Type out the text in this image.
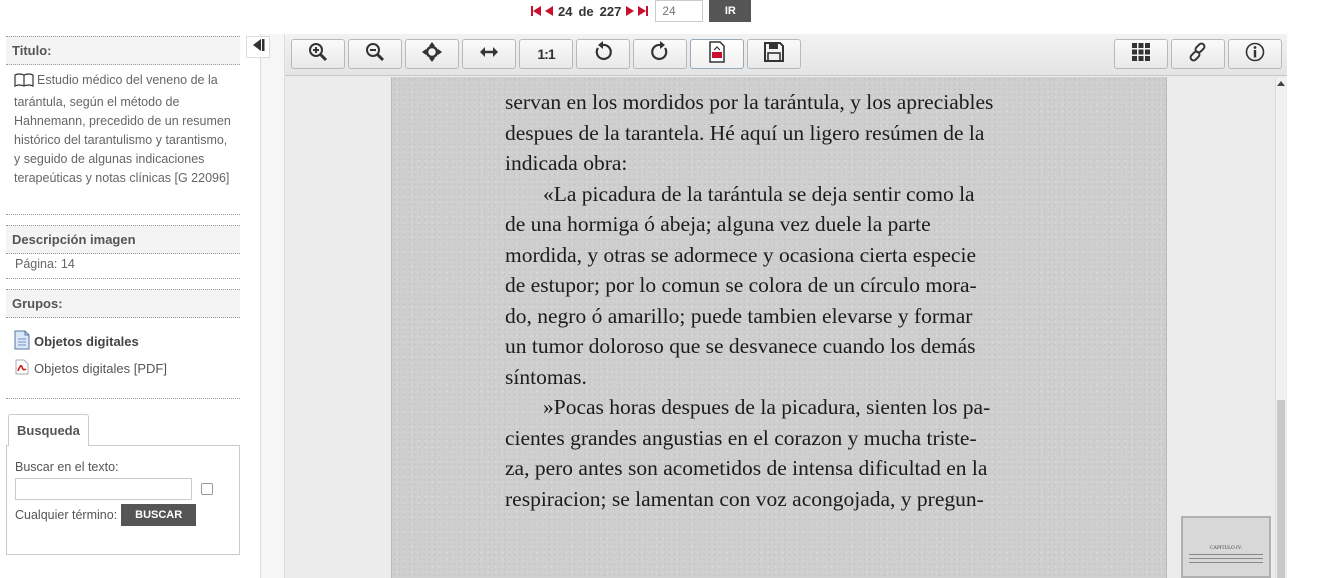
24 de 227
24	IR
Titulo:
Estudio médico del veneno de la tarántula, según el método de Hahnemann, precedido de un resumen histórico del tarantulismo y tarantismo, y seguido de algunas indicaciones terapeúticas y notas clínicas [G 22096]
Descripción imagen
Página: 14
Grupos:
Objetos digitales
Objetos digitales [PDF]
Busqueda
Buscar en el texto:
Cualquier término:	BUSCAR
1:1

servan en los mordidos por la tarántula, y los apreciables

despues de la tarantela. Hé aquí un ligero resúmen de la

indicada obra:

«La picadura de la tarántula se deja sentir como la

de una hormiga ó abeja; alguna vez duele la parte

mordida, y otras se adormece y ocasiona cierta especie

de estupor; por lo comun se colora de un círculo mora-

do, negro ó amarillo; puede tambien elevarse y formar

un tumor doloroso que se desvanece cuando los demás

síntomas.

»Pocas horas despues de la picadura, sienten los pa-

cientes grandes angustias en el corazon y mucha triste-

za, pero antes son acometidos de intensa dificultad en la

respiracion; se lamentan con voz acongojada, y pregun-

CAPITULO IV.
